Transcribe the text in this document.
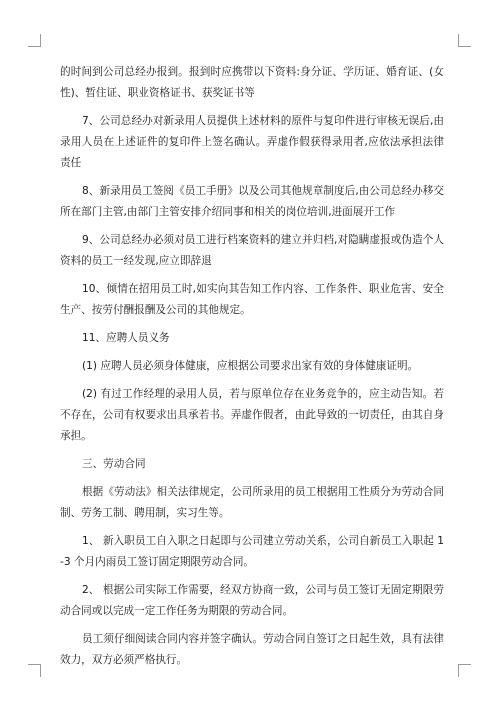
的时间到公司总经办报到。报到时应携带以下资料:身分证、学历证、婚育证、(女性)、暂住证、职业资格证书、获奖证书等

7、公司总经办对新录用人员提供上述材料的原件与复印件进行审核无误后,由录用人员在上述证件的复印件上签名确认。弄虚作假获得录用者,应依法承担法律责任

8、新录用员工签阅《员工手册》以及公司其他规章制度后,由公司总经办移交所在部门主管,由部门主管安排介绍同事和相关的岗位培训,进面展开工作

9、公司总经办必须对员工进行档案资料的建立并归档,对隐瞒虚报或伪造个人资料的员工一经发现,应立即辞退

10、倾情在招用员工时,如实向其告知工作内容、工作条件、职业危害、安全生产、按劳付酬报酬及公司的其他规定。

11、应聘人员义务

(1) 应聘人员必须身体健康，应根据公司要求出家有效的身体健康证明。

(2) 有过工作经理的录用人员，若与原单位存在业务竞争的，应主动告知。若不存在，公司有权要求出具承若书。弄虚作假者，由此导致的一切责任，由其自身承担。

三、劳动合同

根据《劳动法》相关法律规定，公司所录用的员工根据用工性质分为劳动合同制、劳务工制、聘用制，实习生等。

1、 新入职员工自入职之日起即与公司建立劳动关系，公司自新员工入职起 1-3 个月内雨员工签订固定期限劳动合同。

2、 根据公司实际工作需要，经双方协商一致，公司与员工签订无固定期限劳动合同或以完成一定工作任务为期限的劳动合同。

员工须仔细阅读合同内容并签字确认。劳动合同自签订之日起生效，具有法律效力，双方必须严格执行。
